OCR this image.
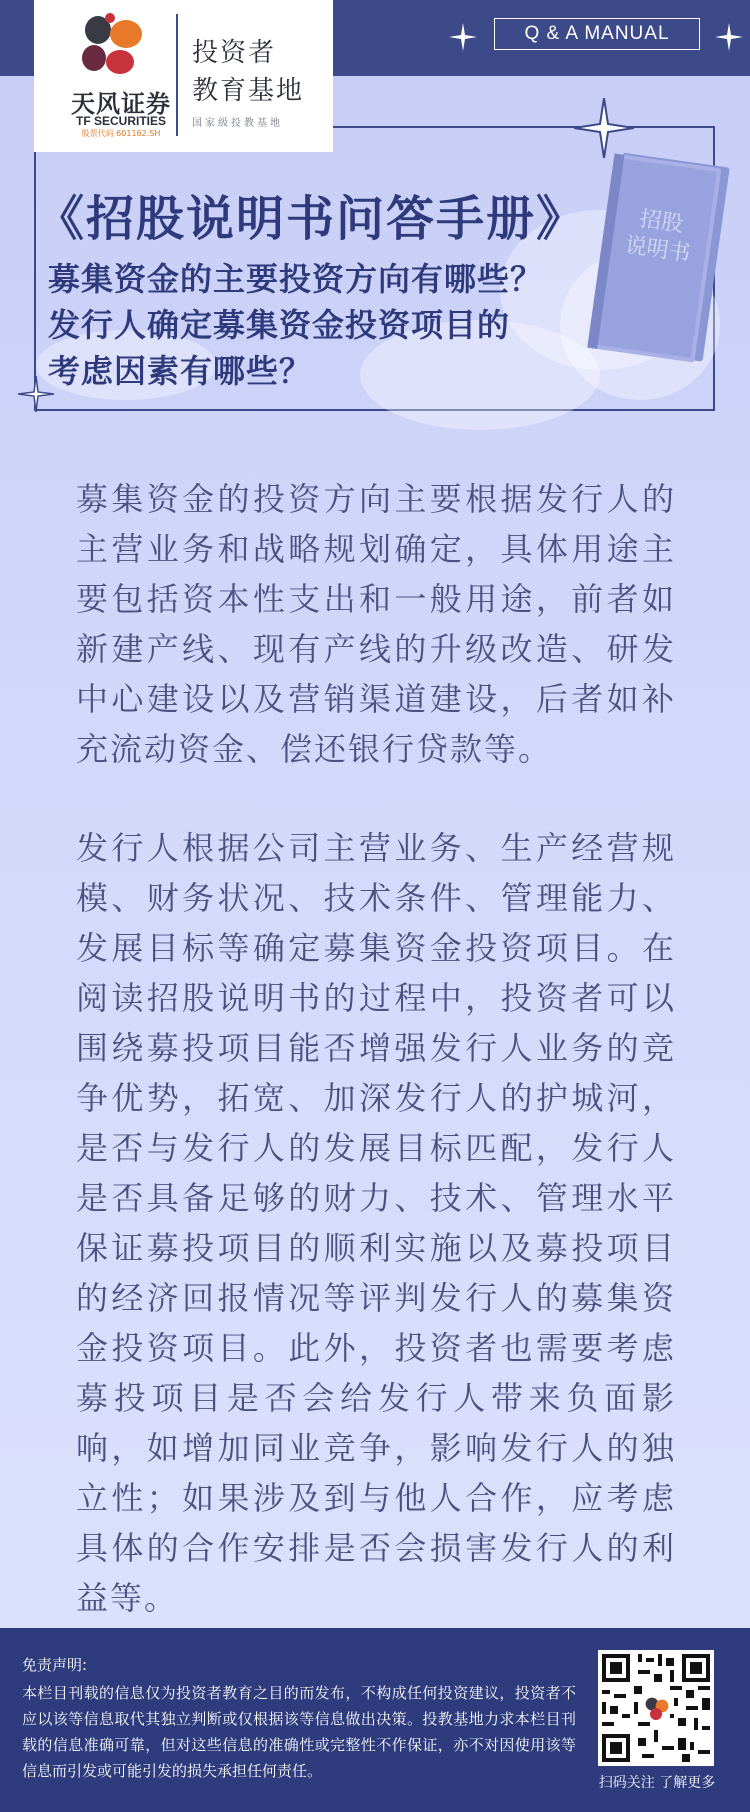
Q & A MANUAL
《招股说明书问答手册》
募集资金的主要投资方向有哪些？
发行人确定募集资金投资项目的
考虑因素有哪些？
招股
说明书
天风证券
TF SECURITIES
股票代码 601162.SH
投资者
教育基地
国家级投教基地
募集资金的投资方向主要根据发行人的主营业务和战略规划确定，具体用途主要包括资本性支出和一般用途，前者如新建产线、现有产线的升级改造、研发中心建设以及营销渠道建设，后者如补充流动资金、偿还银行贷款等。
发行人根据公司主营业务、生产经营规模、财务状况、技术条件、管理能力、发展目标等确定募集资金投资项目。在阅读招股说明书的过程中，投资者可以围绕募投项目能否增强发行人业务的竞争优势，拓宽、加深发行人的护城河，是否与发行人的发展目标匹配，发行人是否具备足够的财力、技术、管理水平保证募投项目的顺利实施以及募投项目的经济回报情况等评判发行人的募集资金投资项目。此外，投资者也需要考虑募投项目是否会给发行人带来负面影响，如增加同业竞争，影响发行人的独立性；如果涉及到与他人合作，应考虑具体的合作安排是否会损害发行人的利益等。
免责声明:
本栏目刊载的信息仅为投资者教育之目的而发布，不构成任何投资建议，投资者不应以该等信息取代其独立判断或仅根据该等信息做出决策。投教基地力求本栏目刊载的信息准确可靠，但对这些信息的准确性或完整性不作保证，亦不对因使用该等信息而引发或可能引发的损失承担任何责任。
扫码关注 了解更多
